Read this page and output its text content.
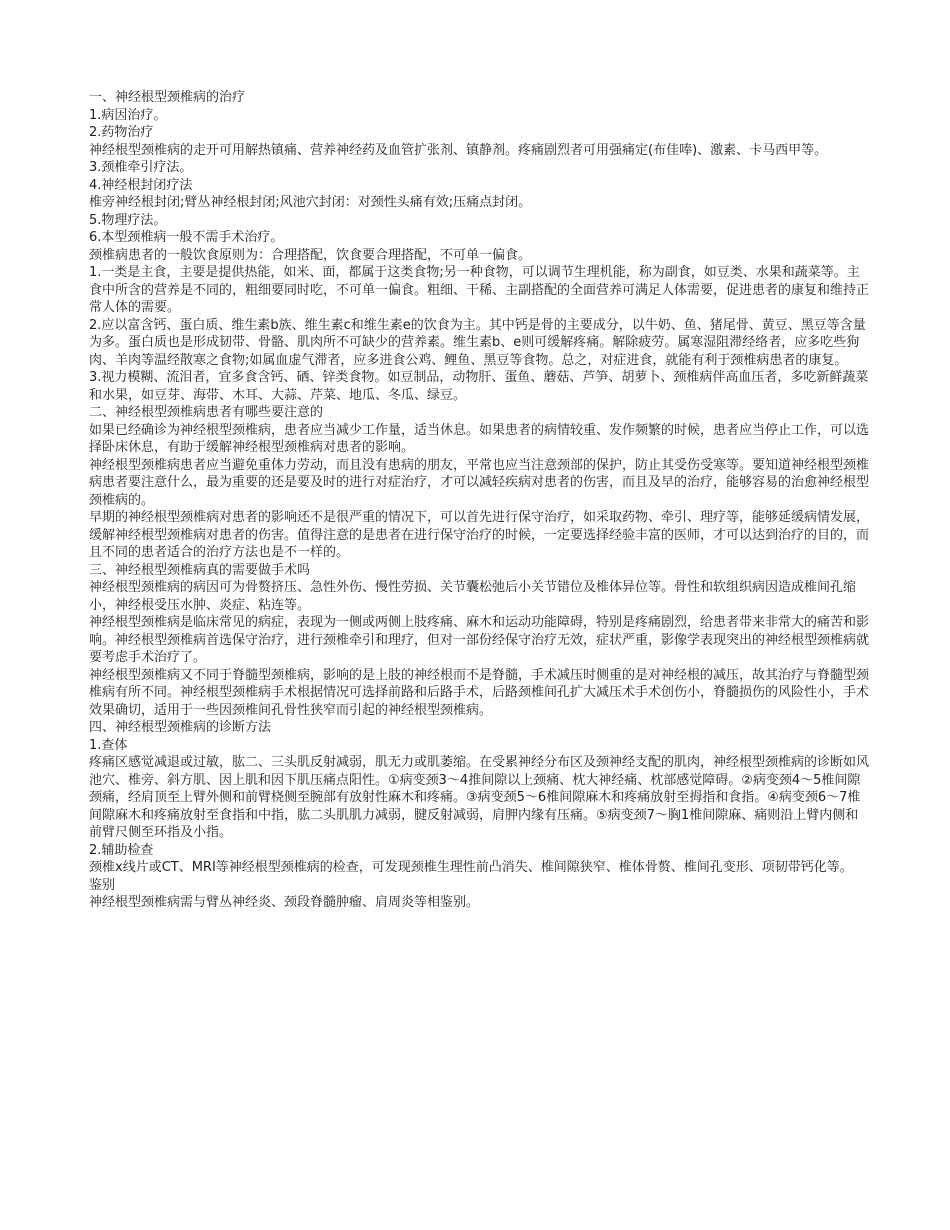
一、神经根型颈椎病的治疗

1.病因治疗。

2.药物治疗

神经根型颈椎病的走开可用解热镇痛、营养神经药及血管扩张剂、镇静剂。疼痛剧烈者可用强痛定(布佳唪)、激素、卡马西甲等。

3.颈椎牵引疗法。

4.神经根封闭疗法

椎旁神经根封闭;臂丛神经根封闭;风池穴封闭：对颈性头痛有效;压痛点封闭。

5.物理疗法。

6.本型颈椎病一般不需手术治疗。

颈椎病患者的一般饮食原则为：合理搭配，饮食要合理搭配，不可单一偏食。

1.一类是主食，主要是提供热能，如米、面，都属于这类食物;另一种食物，可以调节生理机能，称为副食，如豆类、水果和蔬菜等。主食中所含的营养是不同的，粗细要同时吃，不可单一偏食。粗细、干稀、主副搭配的全面营养可满足人体需要，促进患者的康复和维持正常人体的需要。

2.应以富含钙、蛋白质、维生素b族、维生素c和维生素e的饮食为主。其中钙是骨的主要成分，以牛奶、鱼、猪尾骨、黄豆、黑豆等含量为多。蛋白质也是形成韧带、骨骼、肌肉所不可缺少的营养素。维生素b、e则可缓解疼痛。解除疲劳。属寒湿阻滞经络者，应多吃些狗肉、羊肉等温经散寒之食物;如属血虚气滞者，应多进食公鸡、鲤鱼、黑豆等食物。总之，对症进食，就能有利于颈椎病患者的康复。

3.视力模糊、流泪者，宜多食含钙、硒、锌类食物。如豆制品，动物肝、蛋鱼、蘑菇、芦笋、胡萝卜、颈椎病伴高血压者，多吃新鲜蔬菜和水果，如豆芽、海带、木耳、大蒜、芹菜、地瓜、冬瓜、绿豆。

二、神经根型颈椎病患者有哪些要注意的

如果已经确诊为神经根型颈椎病，患者应当减少工作量，适当休息。如果患者的病情较重、发作频繁的时候，患者应当停止工作，可以选择卧床休息，有助于缓解神经根型颈椎病对患者的影响。

神经根型颈椎病患者应当避免重体力劳动，而且没有患病的朋友，平常也应当注意颈部的保护，防止其受伤受寒等。要知道神经根型颈椎病患者要注意什么，最为重要的还是要及时的进行对症治疗，才可以减轻疾病对患者的伤害，而且及早的治疗，能够容易的治愈神经根型颈椎病的。

早期的神经根型颈椎病对患者的影响还不是很严重的情况下，可以首先进行保守治疗，如采取药物、牵引、理疗等，能够延缓病情发展，缓解神经根型颈椎病对患者的伤害。值得注意的是患者在进行保守治疗的时候，一定要选择经验丰富的医师，才可以达到治疗的目的，而且不同的患者适合的治疗方法也是不一样的。

三、神经根型颈椎病真的需要做手术吗

神经根型颈椎病的病因可为骨赘挤压、急性外伤、慢性劳损、关节囊松弛后小关节错位及椎体异位等。骨性和软组织病因造成椎间孔缩小，神经根受压水肿、炎症、粘连等。

神经根型颈椎病是临床常见的病症，表现为一侧或两侧上肢疼痛、麻木和运动功能障碍，特别是疼痛剧烈，给患者带来非常大的痛苦和影响。神经根型颈椎病首选保守治疗，进行颈椎牵引和理疗，但对一部份经保守治疗无效，症状严重，影像学表现突出的神经根型颈椎病就要考虑手术治疗了。

神经根型颈椎病又不同于脊髓型颈椎病，影响的是上肢的神经根而不是脊髓，手术减压时侧重的是对神经根的减压，故其治疗与脊髓型颈椎病有所不同。神经根型颈椎病手术根据情况可选择前路和后路手术，后路颈椎间孔扩大减压术手术创伤小，脊髓损伤的风险性小，手术效果确切，适用于一些因颈椎间孔骨性狭窄而引起的神经根型颈椎病。

四、神经根型颈椎病的诊断方法

1.查体

疼痛区感觉减退或过敏，肱二、三头肌反射减弱，肌无力或肌萎缩。在受累神经分布区及颈神经支配的肌肉，神经根型颈椎病的诊断如风池穴、椎旁、斜方肌、因上肌和因下肌压痛点阳性。①病变颈3～4推间隙以上颈痛、枕大神经痛、枕部感觉障碍。②病变颈4～5椎间隙颈痛，经肩顶至上臂外侧和前臂桡侧至腕部有放射性麻木和疼痛。③病变颈5～6椎间隙麻木和疼痛放射至拇指和食指。④病变颈6～7椎间隙麻木和疼痛放射至食指和中指，肱二头肌肌力减弱，腱反射减弱，肩胛内缘有压痛。⑤病变颈7～胸1椎间隙麻、痛则沿上臂内侧和前臂尺侧至环指及小指。

2.辅助检查

颈椎x线片或CT、MRI等神经根型颈椎病的检查，可发现颈椎生理性前凸消失、椎间隙狭窄、椎体骨赘、椎间孔变形、项韧带钙化等。

鉴别

神经根型颈椎病需与臂丛神经炎、颈段脊髓肿瘤、肩周炎等相鉴别。
